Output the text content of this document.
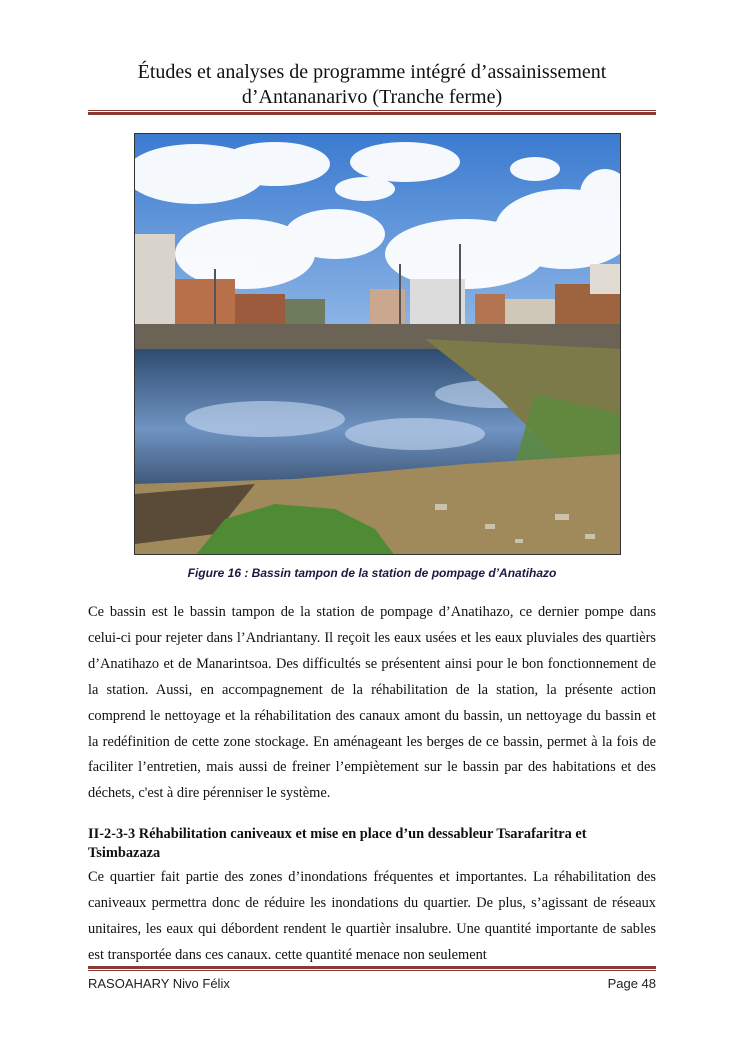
Études et analyses de programme intégré d’assainissement d’Antananarivo (Tranche ferme)
Figure 16 : Bassin tampon de la station de pompage d’Anatihazo
Ce bassin est le bassin tampon de la station de pompage d’Anatihazo, ce dernier pompe dans celui-ci pour rejeter dans l’Andriantany. Il reçoit les eaux usées et les eaux pluviales des quartièrs d’Anatihazo et de Manarintsoa. Des difficultés se présentent ainsi pour le bon fonctionnement de la station. Aussi, en accompagnement de la réhabilitation de la station, la présente action comprend le nettoyage et la réhabilitation des canaux amont du bassin, un nettoyage du bassin et la redéfinition de cette zone stockage. En aménageant les berges de ce bassin, permet à la fois de faciliter l’entretien, mais aussi de freiner l’empiètement sur le bassin par des habitations et des déchets, c'est à dire pérenniser le système.
II-2-3-3 Réhabilitation caniveaux et mise en place d’un dessableur Tsarafaritra et Tsimbazaza
Ce quartier fait partie des zones d’inondations fréquentes et importantes. La réhabilitation des caniveaux permettra donc de réduire les inondations du quartier. De plus, s’agissant de réseaux unitaires, les eaux qui débordent rendent le quartièr insalubre. Une quantité importante de sables est transportée dans ces canaux. cette quantité menace non seulement
RASOAHARY Nivo Félix	Page 48
